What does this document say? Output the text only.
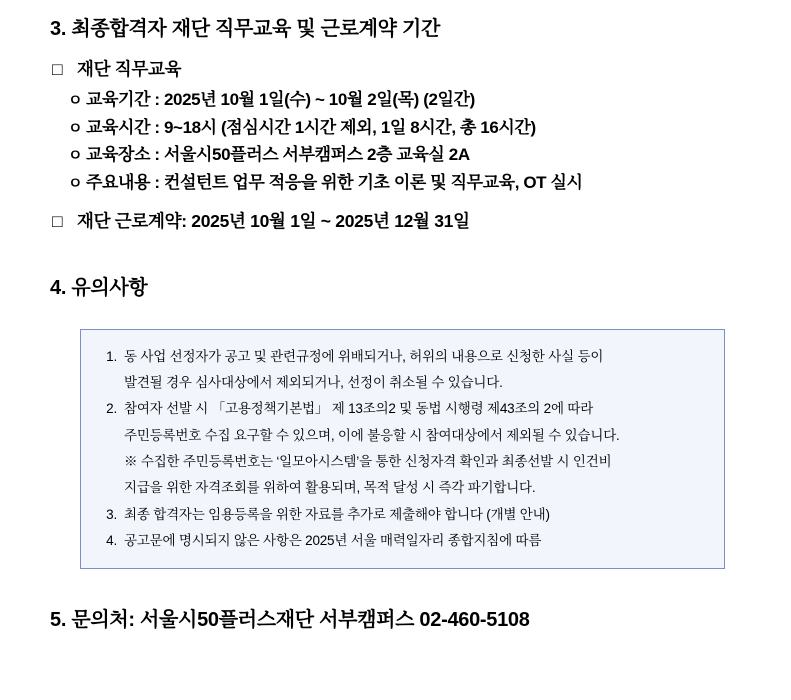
3. 최종합격자 재단 직무교육 및 근로계약 기간
□ 재단 직무교육
ㅇ 교육기간 : 2025년 10월 1일(수) ~ 10월 2일(목) (2일간)
ㅇ 교육시간 : 9~18시 (점심시간 1시간 제외, 1일 8시간, 총 16시간)
ㅇ 교육장소 : 서울시50플러스 서부캠퍼스 2층 교육실 2A
ㅇ 주요내용 : 컨설턴트 업무 적응을 위한 기초 이론 및 직무교육, OT 실시
□ 재단 근로계약: 2025년 10월 1일 ~ 2025년 12월 31일
4. 유의사항
1. 동 사업 선정자가 공고 및 관련규정에 위배되거나, 허위의 내용으로 신청한 사실 등이
발견될 경우 심사대상에서 제외되거나, 선정이 취소될 수 있습니다.
2. 참여자 선발 시 「고용정책기본법」 제 13조의2 및 동법 시행령 제43조의 2에 따라
주민등록번호 수집 요구할 수 있으며, 이에 불응할 시 참여대상에서 제외될 수 있습니다.
※ 수집한 주민등록번호는 ‘일모아시스템’을 통한 신청자격 확인과 최종선발 시 인건비
지급을 위한 자격조회를 위하여 활용되며, 목적 달성 시 즉각 파기합니다.
3. 최종 합격자는 임용등록을 위한 자료를 추가로 제출해야 합니다 (개별 안내)
4. 공고문에 명시되지 않은 사항은 2025년 서울 매력일자리 종합지침에 따름
5. 문의처: 서울시50플러스재단 서부캠퍼스 02-460-5108
